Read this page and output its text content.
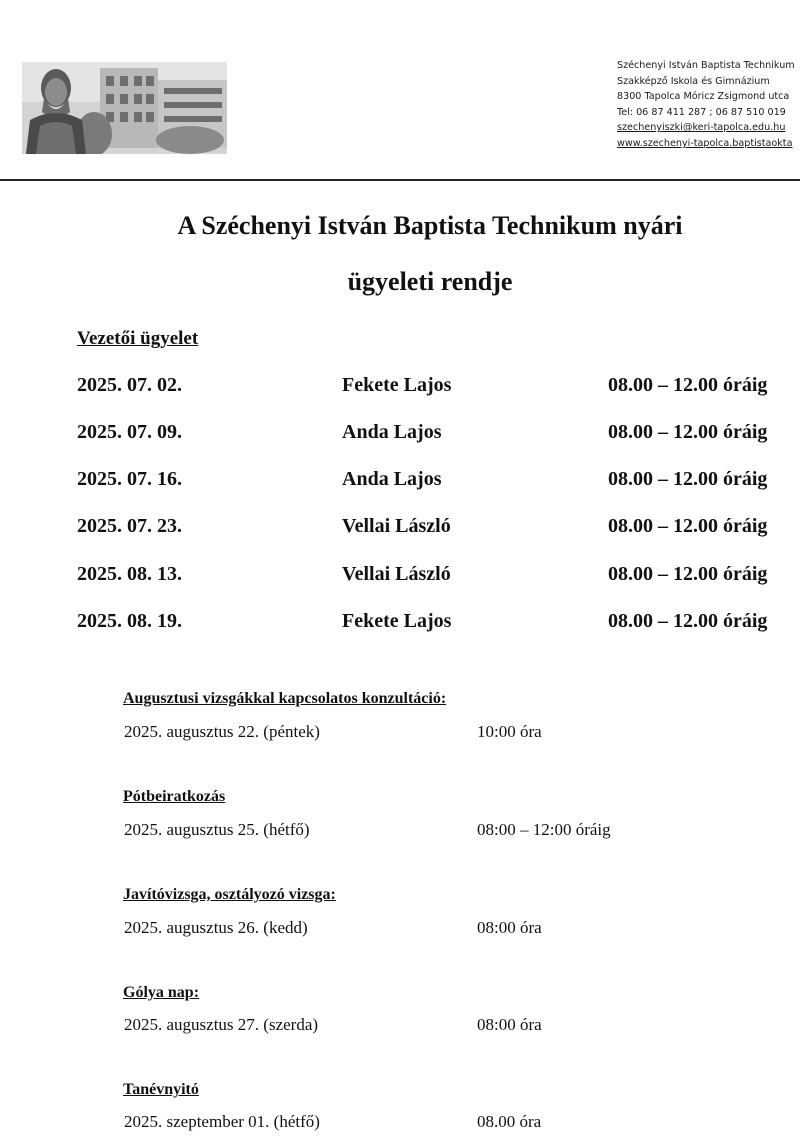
Széchenyi István Baptista Technikum
Szakképző Iskola és Gimnázium
8300 Tapolca Móricz Zsigmond utca
Tel: 06 87 411 287 ; 06 87 510 019
szechenyiszki@keri-tapolca.edu.hu
www.szechenyi-tapolca.baptistaokta
A Széchenyi István Baptista Technikum nyári
ügyeleti rendje
Vezetői ügyelet
2025. 07. 02.	Fekete Lajos	08.00 – 12.00 óráig
2025. 07. 09.	Anda Lajos	08.00 – 12.00 óráig
2025. 07. 16.	Anda Lajos	08.00 – 12.00 óráig
2025. 07. 23.	Vellai László	08.00 – 12.00 óráig
2025. 08. 13.	Vellai László	08.00 – 12.00 óráig
2025. 08. 19.	Fekete Lajos	08.00 – 12.00 óráig
Augusztusi vizsgákkal kapcsolatos konzultáció:
2025. augusztus 22. (péntek)	10:00 óra
Pótbeiratkozás
2025. augusztus 25. (hétfő)	08:00 – 12:00 óráig
Javítóvizsga, osztályozó vizsga:
2025. augusztus 26. (kedd)	08:00 óra
Gólya nap:
2025. augusztus 27. (szerda)	08:00 óra
Tanévnyitó
2025. szeptember 01. (hétfő)	08.00 óra
